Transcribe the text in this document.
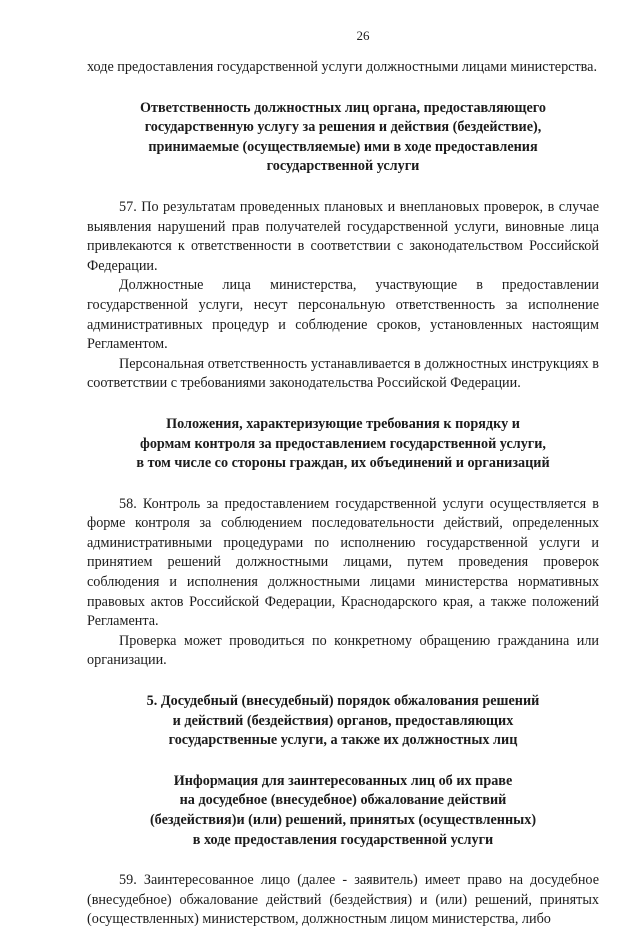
26

ходе предоставления государственной услуги должностными лицами министерства.

Ответственность должностных лиц органа, предоставляющего
государственную услугу за решения и действия (бездействие),
принимаемые (осуществляемые) ими в ходе предоставления
государственной услуги

57. По результатам проведенных плановых и внеплановых проверок, в случае выявления нарушений прав получателей государственной услуги, виновные лица привлекаются к ответственности в соответствии с законодательством Российской Федерации.

Должностные лица министерства, участвующие в предоставлении государственной услуги, несут персональную ответственность за исполнение административных процедур и соблюдение сроков, установленных настоящим Регламентом.

Персональная ответственность устанавливается в должностных инструкциях в соответствии с требованиями законодательства Российской Федерации.

Положения, характеризующие требования к порядку и
формам контроля за предоставлением государственной услуги,
в том числе со стороны граждан, их объединений и организаций

58. Контроль за предоставлением государственной услуги осуществляется в форме контроля за соблюдением последовательности действий, определенных административными процедурами по исполнению государственной услуги и принятием решений должностными лицами, путем проведения проверок соблюдения и исполнения должностными лицами министерства нормативных правовых актов Российской Федерации, Краснодарского края, а также положений Регламента.

Проверка может проводиться по конкретному обращению гражданина или организации.

5. Досудебный (внесудебный) порядок обжалования решений
и действий (бездействия) органов, предоставляющих
государственные услуги, а также их должностных лиц
Информация для заинтересованных лиц об их праве
на досудебное (внесудебное) обжалование действий
(бездействия)и (или) решений, принятых (осуществленных)
в ходе предоставления государственной услуги

59. Заинтересованное лицо (далее - заявитель) имеет право на досудебное (внесудебное) обжалование действий (бездействия) и (или) решений, принятых (осуществленных) министерством, должностным лицом министерства, либо
